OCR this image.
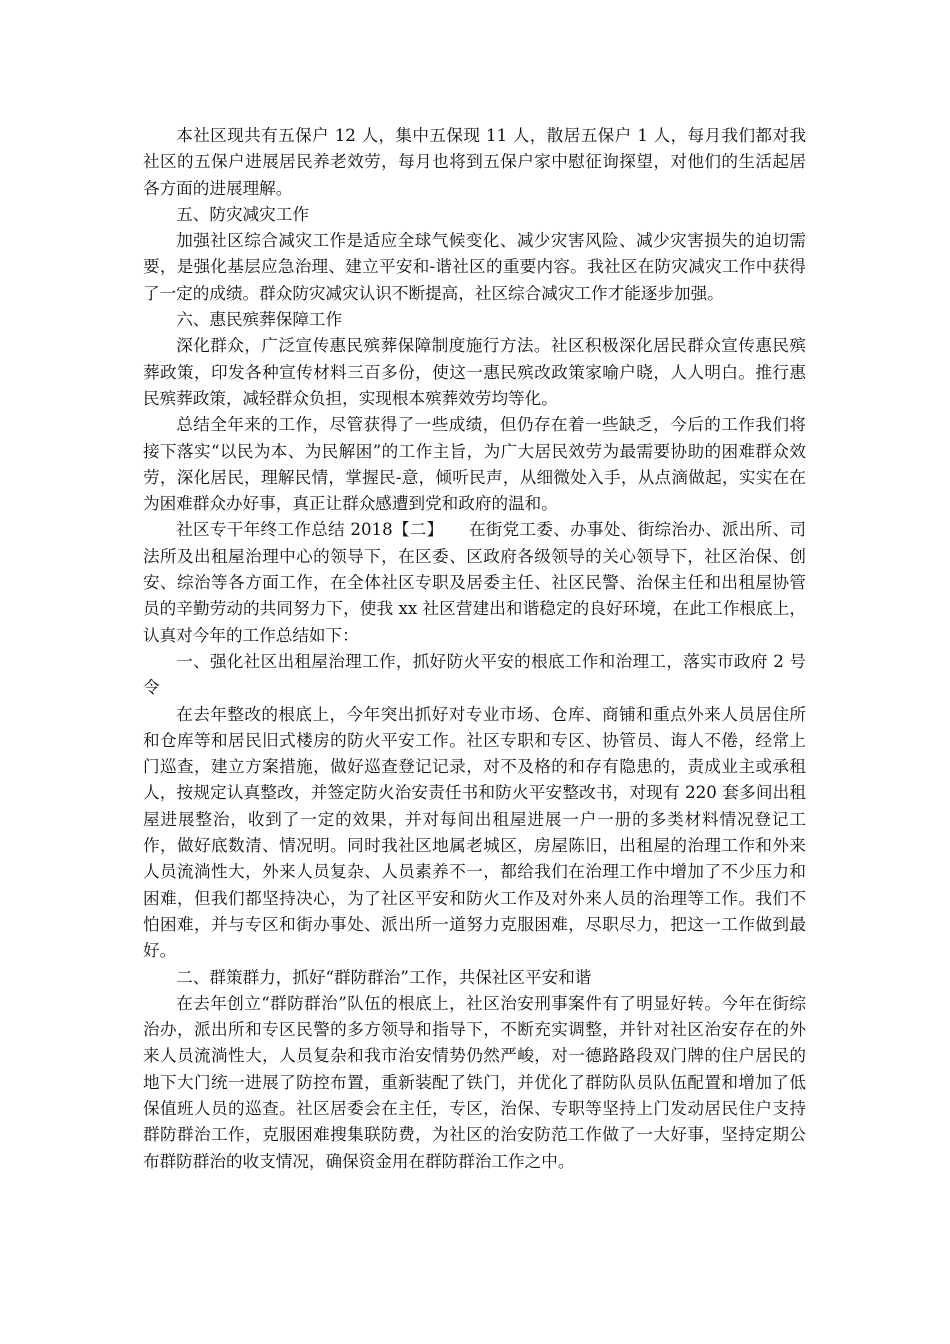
本社区现共有五保户 12 人，集中五保现 11 人，散居五保户 1 人，每月我们都对我社区的五保户进展居民养老效劳，每月也将到五保户家中慰征询探望，对他们的生活起居各方面的进展理解。

五、防灾减灾工作

加强社区综合减灾工作是适应全球气候变化、减少灾害风险、减少灾害损失的迫切需要，是强化基层应急治理、建立平安和-谐社区的重要内容。我社区在防灾减灾工作中获得了一定的成绩。群众防灾减灾认识不断提高，社区综合减灾工作才能逐步加强。

六、惠民殡葬保障工作

深化群众，广泛宣传惠民殡葬保障制度施行方法。社区积极深化居民群众宣传惠民殡葬政策，印发各种宣传材料三百多份，使这一惠民殡改政策家喻户晓，人人明白。推行惠民殡葬政策，减轻群众负担，实现根本殡葬效劳均等化。

总结全年来的工作，尽管获得了一些成绩，但仍存在着一些缺乏，今后的工作我们将接下落实“以民为本、为民解困”的工作主旨，为广大居民效劳为最需要协助的困难群众效劳，深化居民，理解民情，掌握民-意，倾听民声，从细微处入手，从点滴做起，实实在在为困难群众办好事，真正让群众感遭到党和政府的温和。

社区专干年终工作总结 2018【二】　　在街党工委、办事处、街综治办、派出所、司法所及出租屋治理中心的领导下，在区委、区政府各级领导的关心领导下，社区治保、创安、综治等各方面工作，在全体社区专职及居委主任、社区民警、治保主任和出租屋协管员的辛勤劳动的共同努力下，使我 xx 社区营建出和谐稳定的良好环境，在此工作根底上，认真对今年的工作总结如下：

一、强化社区出租屋治理工作，抓好防火平安的根底工作和治理工，落实市政府 2 号令

在去年整改的根底上，今年突出抓好对专业市场、仓库、商铺和重点外来人员居住所和仓库等和居民旧式楼房的防火平安工作。社区专职和专区、协管员、诲人不倦，经常上门巡查，建立方案措施，做好巡查登记记录，对不及格的和存有隐患的，责成业主或承租人，按规定认真整改，并签定防火治安责任书和防火平安整改书，对现有 220 套多间出租屋进展整治，收到了一定的效果，并对每间出租屋进展一户一册的多类材料情况登记工作，做好底数清、情况明。同时我社区地属老城区，房屋陈旧，出租屋的治理工作和外来人员流淌性大，外来人员复杂、人员素养不一，都给我们在治理工作中增加了不少压力和困难，但我们都坚持决心，为了社区平安和防火工作及对外来人员的治理等工作。我们不怕困难，并与专区和街办事处、派出所一道努力克服困难，尽职尽力，把这一工作做到最好。

二、群策群力，抓好“群防群治”工作，共保社区平安和谐

在去年创立“群防群治”队伍的根底上，社区治安刑事案件有了明显好转。今年在街综治办，派出所和专区民警的多方领导和指导下，不断充实调整，并针对社区治安存在的外来人员流淌性大，人员复杂和我市治安情势仍然严峻，对一德路路段双门牌的住户居民的地下大门统一进展了防控布置，重新装配了铁门，并优化了群防队员队伍配置和增加了低保值班人员的巡查。社区居委会在主任，专区，治保、专职等坚持上门发动居民住户支持群防群治工作，克服困难搜集联防费，为社区的治安防范工作做了一大好事，坚持定期公布群防群治的收支情况，确保资金用在群防群治工作之中。
